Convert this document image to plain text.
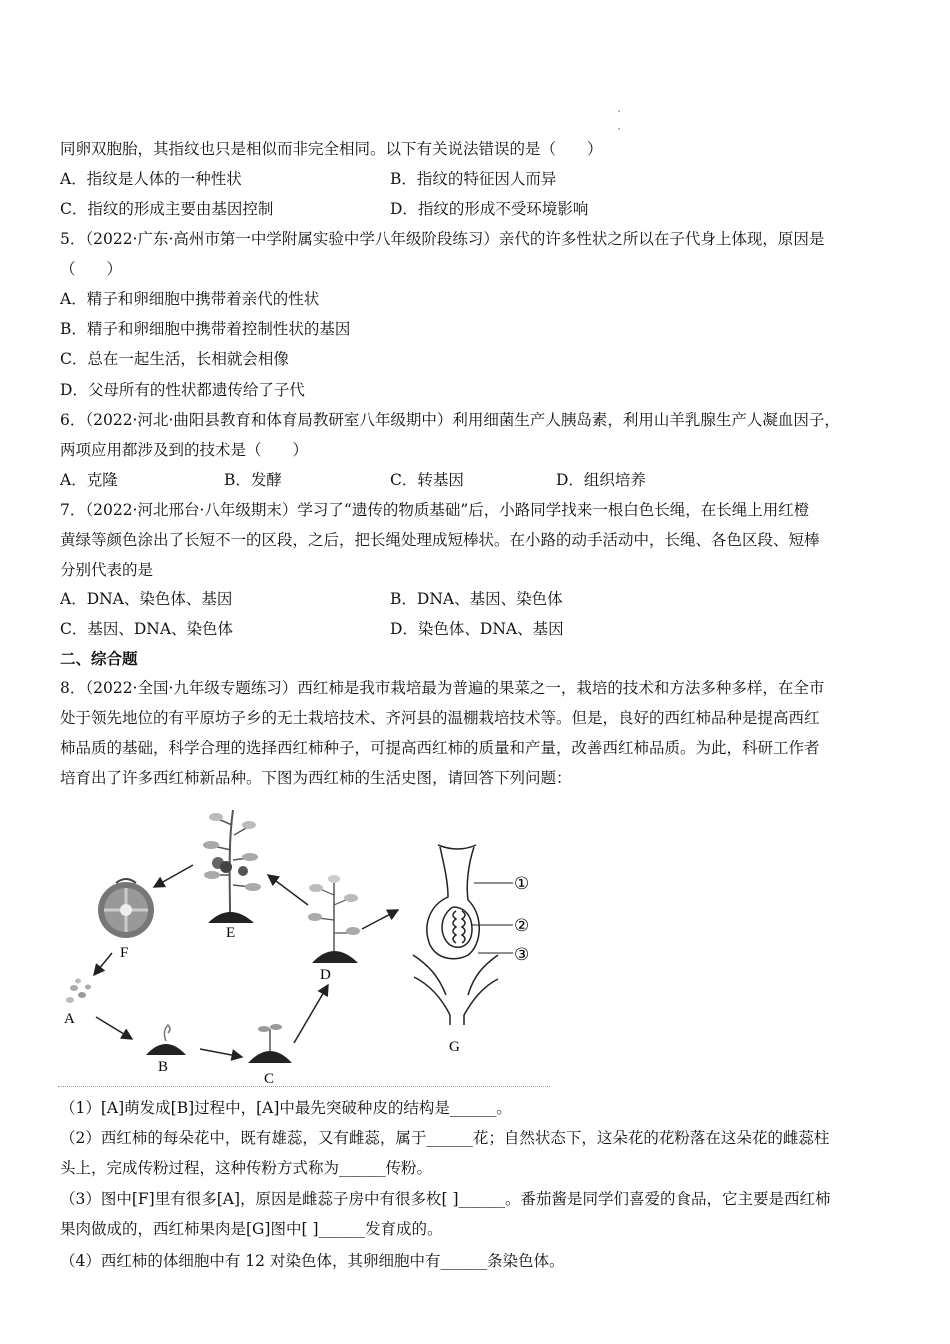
同卵双胞胎，其指纹也只是相似而非完全相同。以下有关说法错误的是（　　）
A．指纹是人体的一种性状	B．指纹的特征因人而异
C．指纹的形成主要由基因控制	D．指纹的形成不受环境影响
5．（2022·广东·高州市第一中学附属实验中学八年级阶段练习）亲代的许多性状之所以在子代身上体现，原因是
（　　）
A．精子和卵细胞中携带着亲代的性状
B．精子和卵细胞中携带着控制性状的基因
C．总在一起生活，长相就会相像
D．父母所有的性状都遗传给了子代
6．（2022·河北·曲阳县教育和体育局教研室八年级期中）利用细菌生产人胰岛素，利用山羊乳腺生产人凝血因子，
两项应用都涉及到的技术是（　　）
A．克隆	B．发酵	C．转基因	D．组织培养
7．（2022·河北邢台·八年级期末）学习了“遗传的物质基础”后，小路同学找来一根白色长绳，在长绳上用红橙
黄绿等颜色涂出了长短不一的区段，之后，把长绳处理成短棒状。在小路的动手活动中，长绳、各色区段、短棒
分别代表的是
A．DNA、染色体、基因	B．DNA、基因、染色体
C．基因、DNA、染色体	D．染色体、DNA、基因
二、综合题
8．（2022·全国·九年级专题练习）西红柿是我市栽培最为普遍的果菜之一，栽培的技术和方法多种多样，在全市
处于领先地位的有平原坊子乡的无土栽培技术、齐河县的温棚栽培技术等。但是，良好的西红柿品种是提高西红
柿品质的基础，科学合理的选择西红柿种子，可提高西红柿的质量和产量，改善西红柿品质。为此，科研工作者
培育出了许多西红柿新品种。下图为西红柿的生活史图，请回答下列问题：
E
F
A
B
C
D
①
②
③
G
（1）[A]萌发成[B]过程中，[A]中最先突破种皮的结构是______。
（2）西红柿的每朵花中，既有雄蕊，又有雌蕊，属于______花；自然状态下，这朵花的花粉落在这朵花的雌蕊柱
头上，完成传粉过程，这种传粉方式称为______传粉。
（3）图中[F]里有很多[A]，原因是雌蕊子房中有很多枚[ ]______。番茄酱是同学们喜爱的食品，它主要是西红柿
果肉做成的，西红柿果肉是[G]图中[ ]______发育成的。
（4）西红柿的体细胞中有 12 对染色体，其卵细胞中有______条染色体。
